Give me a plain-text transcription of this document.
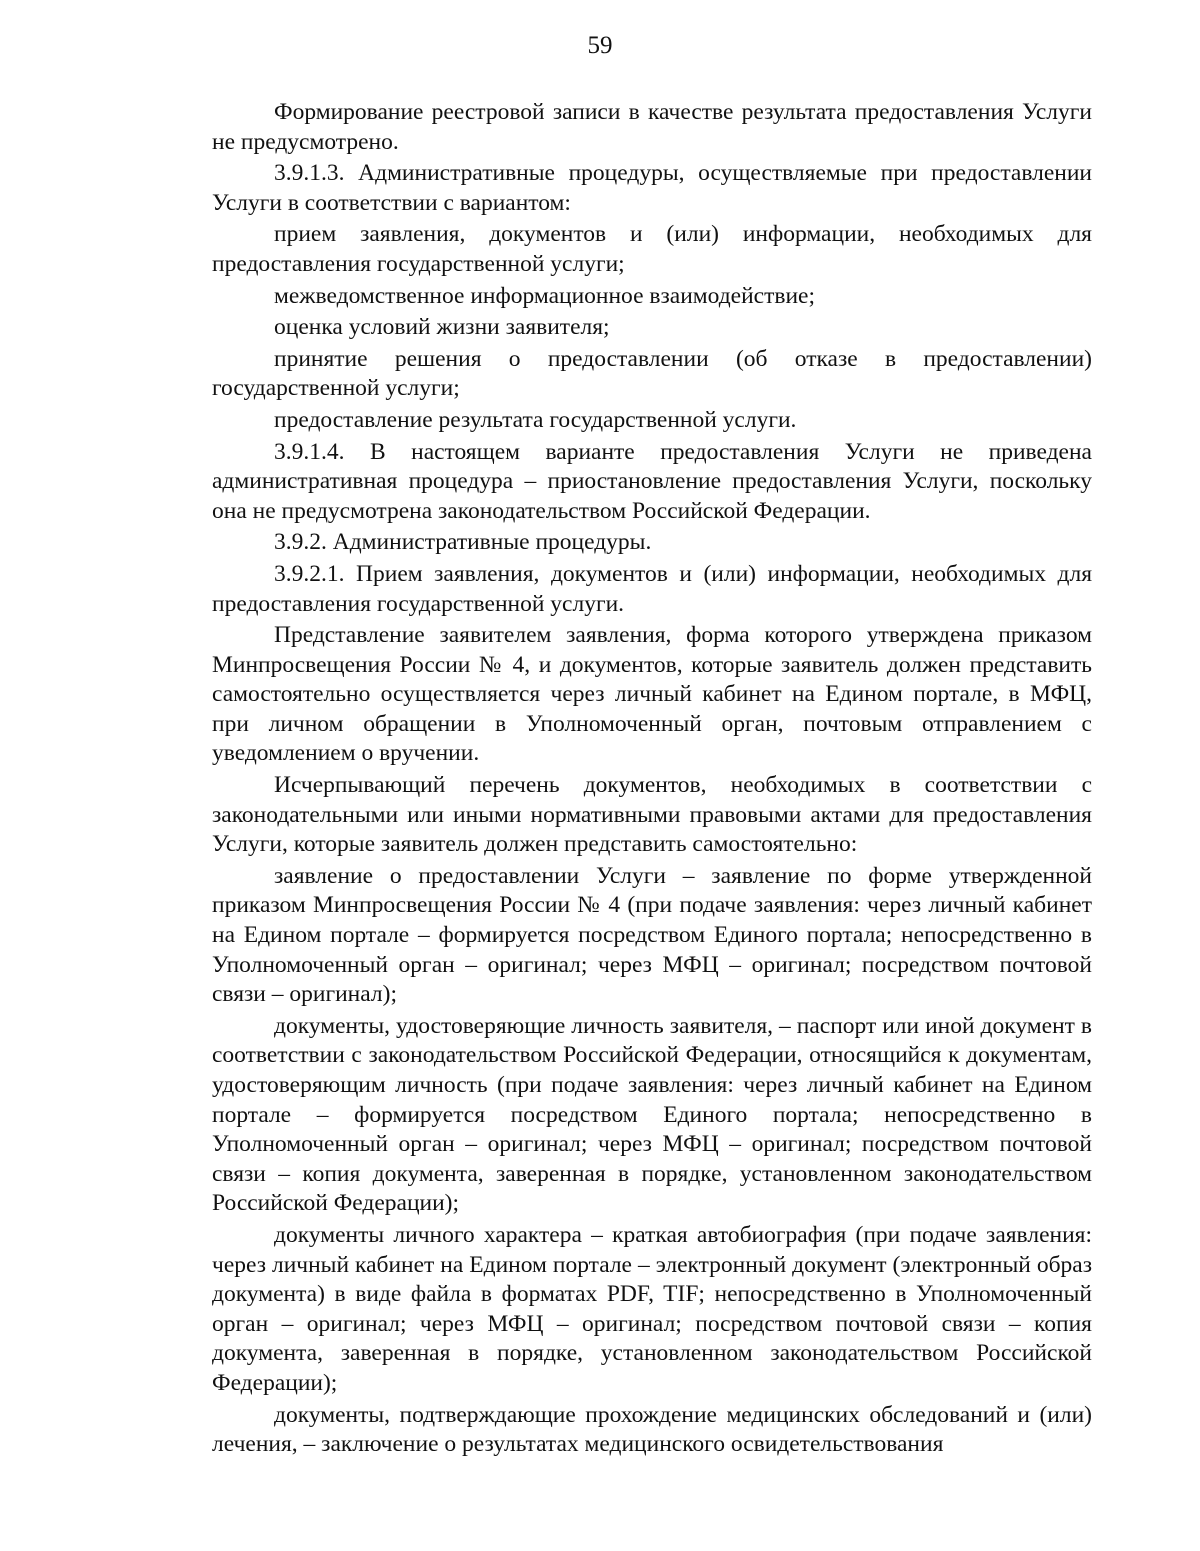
59

Формирование реестровой записи в качестве результата предоставления Услуги не предусмотрено.

3.9.1.3. Административные процедуры, осуществляемые при предоставлении Услуги в соответствии с вариантом:

прием заявления, документов и (или) информации, необходимых для предоставления государственной услуги;

межведомственное информационное взаимодействие;

оценка условий жизни заявителя;

принятие решения о предоставлении (об отказе в предоставлении) государственной услуги;

предоставление результата государственной услуги.

3.9.1.4. В настоящем варианте предоставления Услуги не приведена административная процедура – приостановление предоставления Услуги, поскольку она не предусмотрена законодательством Российской Федерации.

3.9.2. Административные процедуры.

3.9.2.1. Прием заявления, документов и (или) информации, необходимых для предоставления государственной услуги.

Представление заявителем заявления, форма которого утверждена приказом Минпросвещения России № 4, и документов, которые заявитель должен представить самостоятельно осуществляется через личный кабинет на Едином портале, в МФЦ, при личном обращении в Уполномоченный орган, почтовым отправлением с уведомлением о вручении.

Исчерпывающий перечень документов, необходимых в соответствии с законодательными или иными нормативными правовыми актами для предоставления Услуги, которые заявитель должен представить самостоятельно:

заявление о предоставлении Услуги – заявление по форме утвержденной приказом Минпросвещения России № 4 (при подаче заявления: через личный кабинет на Едином портале – формируется посредством Единого портала; непосредственно в Уполномоченный орган – оригинал; через МФЦ – оригинал; посредством почтовой связи – оригинал);

документы, удостоверяющие личность заявителя, – паспорт или иной документ в соответствии с законодательством Российской Федерации, относящийся к документам, удостоверяющим личность (при подаче заявления: через личный кабинет на Едином портале – формируется посредством Единого портала; непосредственно в Уполномоченный орган – оригинал; через МФЦ – оригинал; посредством почтовой связи – копия документа, заверенная в порядке, установленном законодательством Российской Федерации);

документы личного характера – краткая автобиография (при подаче заявления: через личный кабинет на Едином портале – электронный документ (электронный образ документа) в виде файла в форматах PDF, TIF; непосредственно в Уполномоченный орган – оригинал; через МФЦ – оригинал; посредством почтовой связи – копия документа, заверенная в порядке, установленном законодательством Российской Федерации);

документы, подтверждающие прохождение медицинских обследований и (или) лечения, – заключение о результатах медицинского освидетельствования
